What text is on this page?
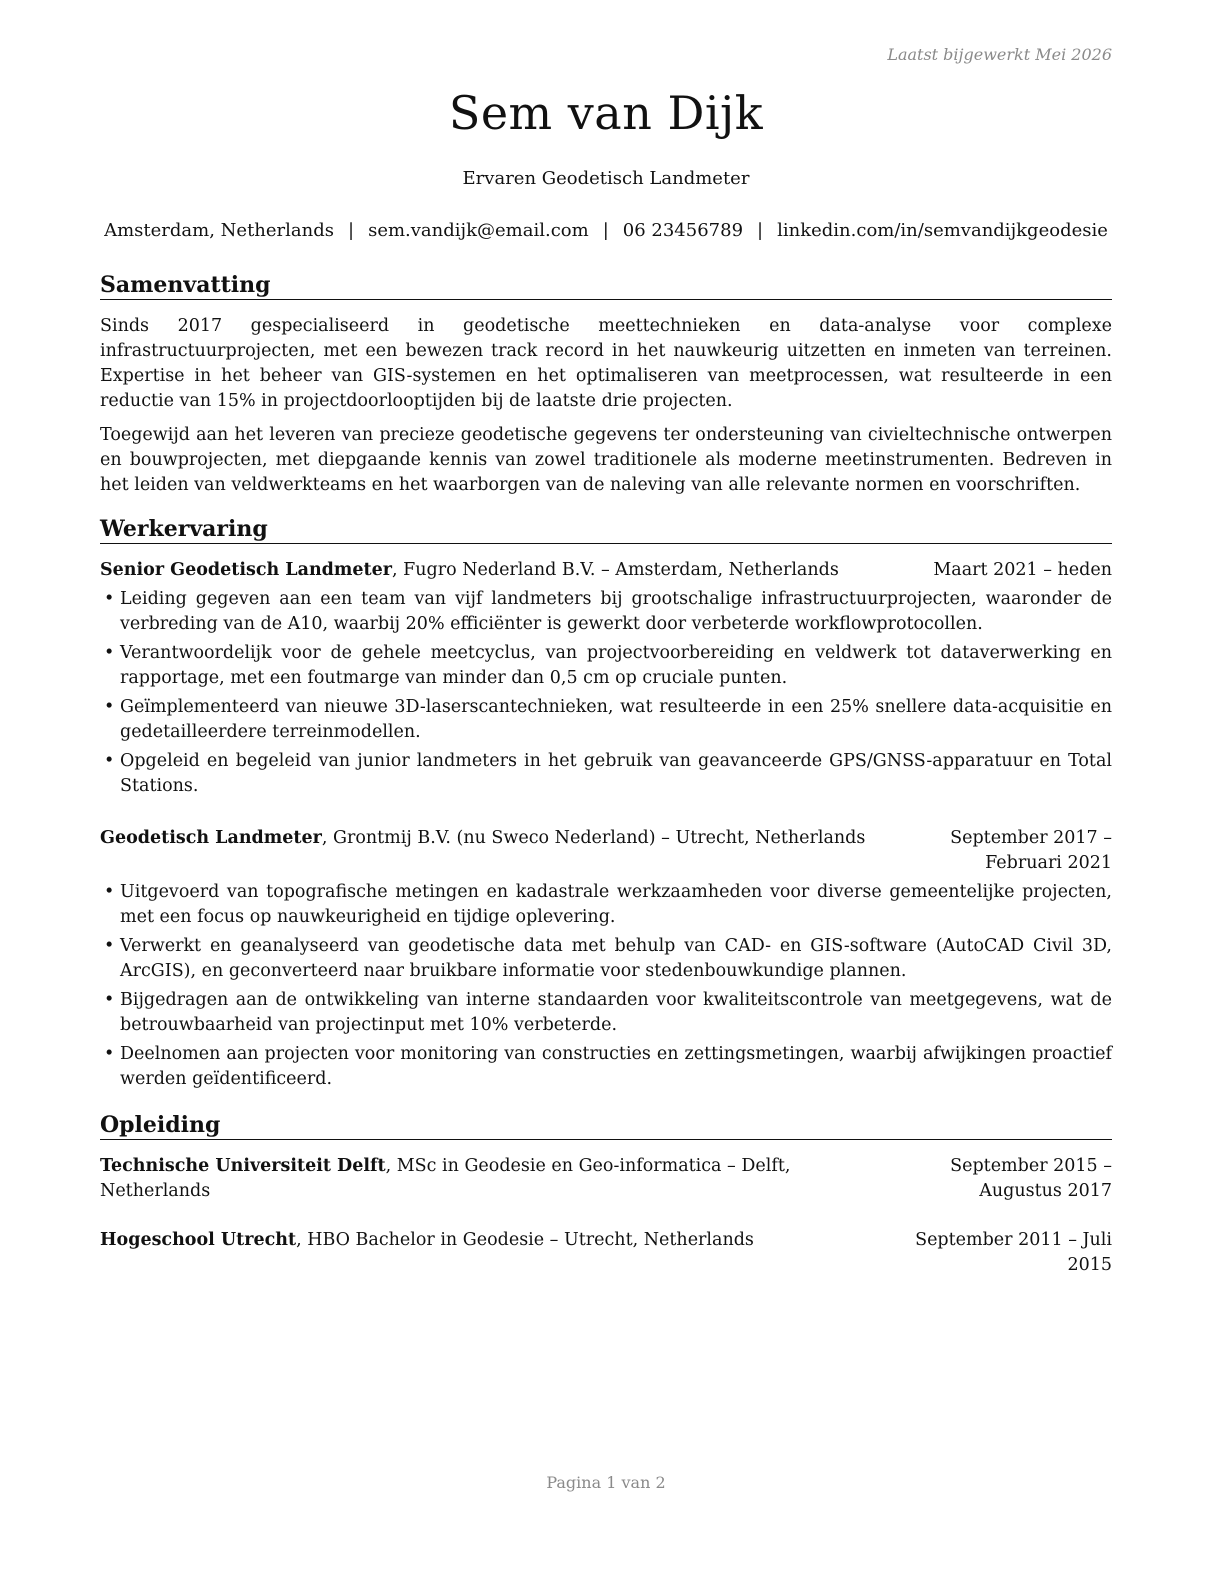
Laatst bijgewerkt Mei 2026
Sem van Dijk
Ervaren Geodetisch Landmeter
Amsterdam, Netherlands | sem.vandijk@email.com | 06 23456789 | linkedin.com/in/semvandijkgeodesie
Samenvatting

Sinds 2017 gespecialiseerd in geodetische meettechnieken en data-analyse voor complexe infrastructuurprojecten, met een bewezen track record in het nauwkeurig uitzetten en inmeten van terreinen. Expertise in het beheer van GIS-systemen en het optimaliseren van meetprocessen, wat resulteerde in een reductie van 15% in projectdoorlooptijden bij de laatste drie projecten.

Toegewijd aan het leveren van precieze geodetische gegevens ter ondersteuning van civieltechnische ontwerpen en bouwprojecten, met diepgaande kennis van zowel traditionele als moderne meetinstrumenten. Bedreven in het leiden van veldwerkteams en het waarborgen van de naleving van alle relevante normen en voorschriften.

Werkervaring
Senior Geodetisch Landmeter, Fugro Nederland B.V. – Amsterdam, Netherlands	Maart 2021 – heden
• Leiding gegeven aan een team van vijf landmeters bij grootschalige infrastructuurprojecten, waaronder de verbreding van de A10, waarbij 20% efficiënter is gewerkt door verbeterde workflowprotocollen.
• Verantwoordelijk voor de gehele meetcyclus, van projectvoorbereiding en veldwerk tot dataverwerking en rapportage, met een foutmarge van minder dan 0,5 cm op cruciale punten.
• Geïmplementeerd van nieuwe 3D-laserscantechnieken, wat resulteerde in een 25% snellere data-acquisitie en gedetailleerdere terreinmodellen.
• Opgeleid en begeleid van junior landmeters in het gebruik van geavanceerde GPS/GNSS-apparatuur en Total Stations.
Geodetisch Landmeter, Grontmij B.V. (nu Sweco Nederland) – Utrecht, Netherlands	September 2017 – Februari 2021
• Uitgevoerd van topografische metingen en kadastrale werkzaamheden voor diverse gemeentelijke projecten, met een focus op nauwkeurigheid en tijdige oplevering.
• Verwerkt en geanalyseerd van geodetische data met behulp van CAD- en GIS-software (AutoCAD Civil 3D, ArcGIS), en geconverteerd naar bruikbare informatie voor stedenbouwkundige plannen.
• Bijgedragen aan de ontwikkeling van interne standaarden voor kwaliteitscontrole van meetgegevens, wat de betrouwbaarheid van projectinput met 10% verbeterde.
• Deelnomen aan projecten voor monitoring van constructies en zettingsmetingen, waarbij afwijkingen proactief werden geïdentificeerd.
Opleiding
Technische Universiteit Delft, MSc in Geodesie en Geo-informatica – Delft, Netherlands
September 2015 – Augustus 2017
Hogeschool Utrecht, HBO Bachelor in Geodesie – Utrecht, Netherlands	September 2011 – Juli 2015
Pagina 1 van 2
